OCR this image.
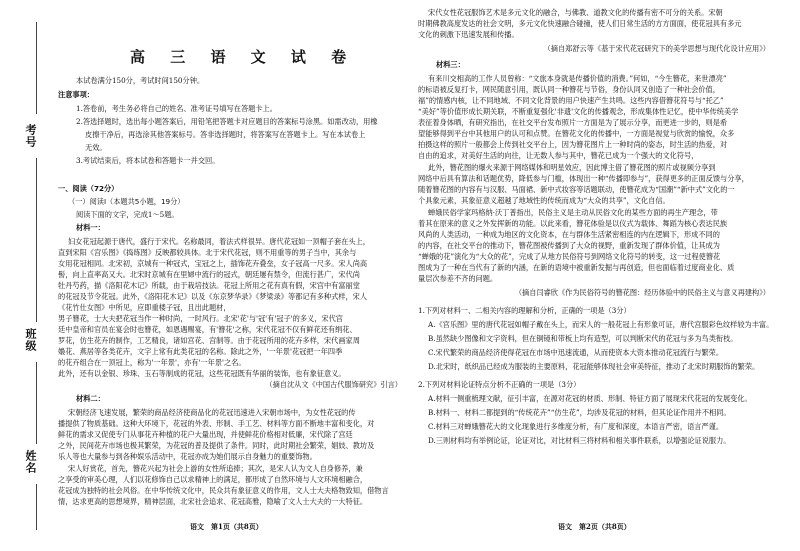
考号
班级
姓名
高 三 语 文 试 卷
本试卷满分150分，考试时间150分钟。
注意事项：
1.答卷前，考生务必将自己的姓名、准考证号填写在答题卡上。
2.答选择题时，选出每小题答案后，用铅笔把答题卡对应题目的答案标号涂黑。如需改动，用橡
皮擦干净后，再选涂其他答案标号。答非选择题时，将答案写在答题卡上。写在本试卷上
无效。
3.考试结束后，将本试卷和答题卡一并交回。
一、阅读（72分）
（一）阅读Ⅰ（本题共5小题，19分）
阅读下面的文字，完成1～5题。
材料一：
妇女花冠起源于唐代，盛行于宋代。名称最同，着法式样很异。唐代花冠如一顶帽子套在头上，
直到宋阳《宫乐图》《捣练图》反映都较具体。北于宋代花冠，则不用重等的男子当中，其余与
女用花冠相同。北宋初，京城有一种冠式，宝冠之上，插饰花卉叠垒，女子冠高一尺多。宋人尚高
髻，向上直率高又大。北宋时京城有在里婦中流行的冠式，朝廷屡有禁令，但流行甚广，宋代尚
牡丹芍药，描《洛阳花木记》所载，由于栽培技法。花冠上所用之花有真有假，宋宫中有富丽堂
的花冠及节令花冠。此外，《洛阳花木记》以及《东京梦华录》《梦梁录》等都记有多种式样，宋人
《花竹仕女图》中所见，应即重楼子冠，且出此题材，
男子簪花，士大夫把花冠当作一种时尚，一时风行。北宋'花'与'冠'有'冠子'的多义，宋代宫
廷中皇帝和官员在宴会时也簪花，如恩遇赐宴，有'簪花'之称，宋代花冠不仅有鲜花还有绢花、
罗花，仿生花卉的制作，工艺精良，诸如宫花、宫制等。由于花冠所用的花卉多样，宋代画家周
嬝花、燕居等各类花卉，文字上常有此类花冠的名称。除此之外，'一年景'花冠把一年四季
的花卉组合在一顶冠上，称为'一年景'，亦有'一年景'之名。
此外，还有以金银、珍珠、玉石等制成的花冠，这些花冠既有华丽的装饰，也有象征意义。
（摘自沈从文《中国古代服饰研究》引言）
材料二：
宋朝经济飞速发展，繁荣的商品经济使商品化的花冠迅速进入宋朝市场中，为女性花冠的传
播提供了物质基础。这种大环境下，花冠的外表、形制、手工艺、材料等方面不断地丰富和变化，对
鲜花的需求又促使专门从事花卉种植的花户大量出现，并使鲜花价格相对低廉，宋代除了宫廷
之外，民间花卉市场也极其繁荣，为花冠的普及提供了条件。同时，此时期社会繁荣，娼妓、教坊及
乐人等也大量参与到各种娱乐活动中，花冠亦成为她们展示自身魅力的重要饰物。
宋人好赏花，首先，簪花兴起为社会上游的女性所追捧；其次，是宋人认为文人自身修养，兼
之享受的审美心理，人们以花修饰自己以求精神上的满足，都形成了自然环境与人文环境相融合，
花冠成为独特的社会风俗。在中华传统文化中，民众共有象征意义的作用，文人士大夫格物致知，借物言
情，达求更高的思想境界，精神层面，北宋社会追求、花冠高雅，隐喻了文人士大夫的一大特征。
语文　第1页（共8页）
宋代女性花冠服饰艺术是多元文化的融合，与佛教、道教文化的传播有密不可分的关系。宋朝
时期佛教高度发达的社会文明，多元文化快速融合碰撞，使人们日常生活的方方面面，使花冠具有多元
文化的刺激下迅速发展和传播。
（摘自郑舒云等《基于宋代花冠研究下的美学思想与现代化设计应用》）
材料三：
有来川交相高的工作人员曾称：“文旅本身就是传播价值的消费。”何如，“今生簪花，来世漂亮”
的标语被反复打卡，网民随意引用，既认同一种簪花与节俗，身份认同又创造了一种社会价值，
福”的情感内核，让不同地域、不同文化背景的用户快速产生共鸣。这些内容借簪花符号与“托乙”
“美好”等价值形成长期关联，不断重复强化'非遗'文化的传播观念，形成集体性记忆，使中华传统美学
表征着身体晒，有研究指出，在社交平台发布照片一方面是为了展示分享，而更进一步的，则是希
望能够得到平台中其他用户的认可和点赞。在簪花文化的传播中，一方面是视觉与欣赏的愉悦，众多
拍摄这样的照片一般都会上传到社交平台上，因为簪花图片上一种时尚的姿态，时生活的热爱，对
自由的追求，对美好生活的向往，让无数人参与其中，簪花已成为一个强大的文化符号，
此外，簪花图的爆火来源于网络媒体和明星效应，因此博主借了簪花图的照片或视频分享到
网络中后具有算法和话题优势，降低参与门槛，体现出一种“传播即参与”，获得更多的正面反馈与分享，
随着簪花图的内容有与汉服、马面裙、新中式妆容等话题联动，使簪花成为“国潮”“新中式”文化的一
个具象元素，其象征意义超越了地域性的传统而成为“大众的共享”，文化自信。
蝉娥民俗学家玛格纳·沃丁普指出，民俗主义是主动从民俗文化的某些方面的再生产理念，带
着其在原来的意义之外发挥新的功能。以此来看，簪花体验是以仪式为载体、舞蹈为核心表达民族
风尚的人类活动，一种成为地区的文化资本，在与群体生活紧密相连的内在逻辑下，形成不同的
的内容，在社交平台的推动下，簪花图被传播到了大众的视野，重新发现了群体价值，让其成为
“蝉娥的花”演化为“大众的花”，完成了从地方民俗符号到网络文化符号的转变，这一过程使簪花
图成为了一种在当代有了新的内涵，在新的语境中被重新发掘与再创造，但也面临着过度商业化、质
量层次参差不齐的问题。
（摘自闫睿欣《作为民俗符号的簪花图：经历体验中的民俗主义与意义再建构》）
1.下列对材料一、二相关内容的理解和分析，正确的一项是（3分）
A.《宫乐图》里的唐代花冠如帽子戴在头上，而宋人的一般花冠上有形象可证，唐代宫服彩色纹样较为丰富。
B.虽然缺少图像和文字资料，但在铜镜和带板上均有造型，可以判断宋代的花冠与多为鸟类衔枝。
C.宋代繁荣的商品经济使得花冠在市场中迅速流通，从而使资本大资本推动花冠流行与繁荣。
D.北宋时，纸织品已经成为服装的主要原料，花冠能够体现社会审美特征，推动了北宋时期服饰的繁荣。
2.下列对材料论证特点分析不正确的一项是（3分）
A.材料一侧重梳理文献，征引丰富，在源对花冠的材质、形制、特征方面了展现宋代花冠的发展变化。
B.材料一、材料二都提到的“传统花卉”“仿生花”，均涉及花冠的材料，但其论证作用并不相同。
C.材料三对蝉娥簪花大的文化现象进行多维度分析，有广度和深度，本语言严密，语言严谨。
D.三则材料均有举例论证，论证对比，对比材料三将材料和相关事件联系，以增强论证说服力。
语文　第2页（共8页）
